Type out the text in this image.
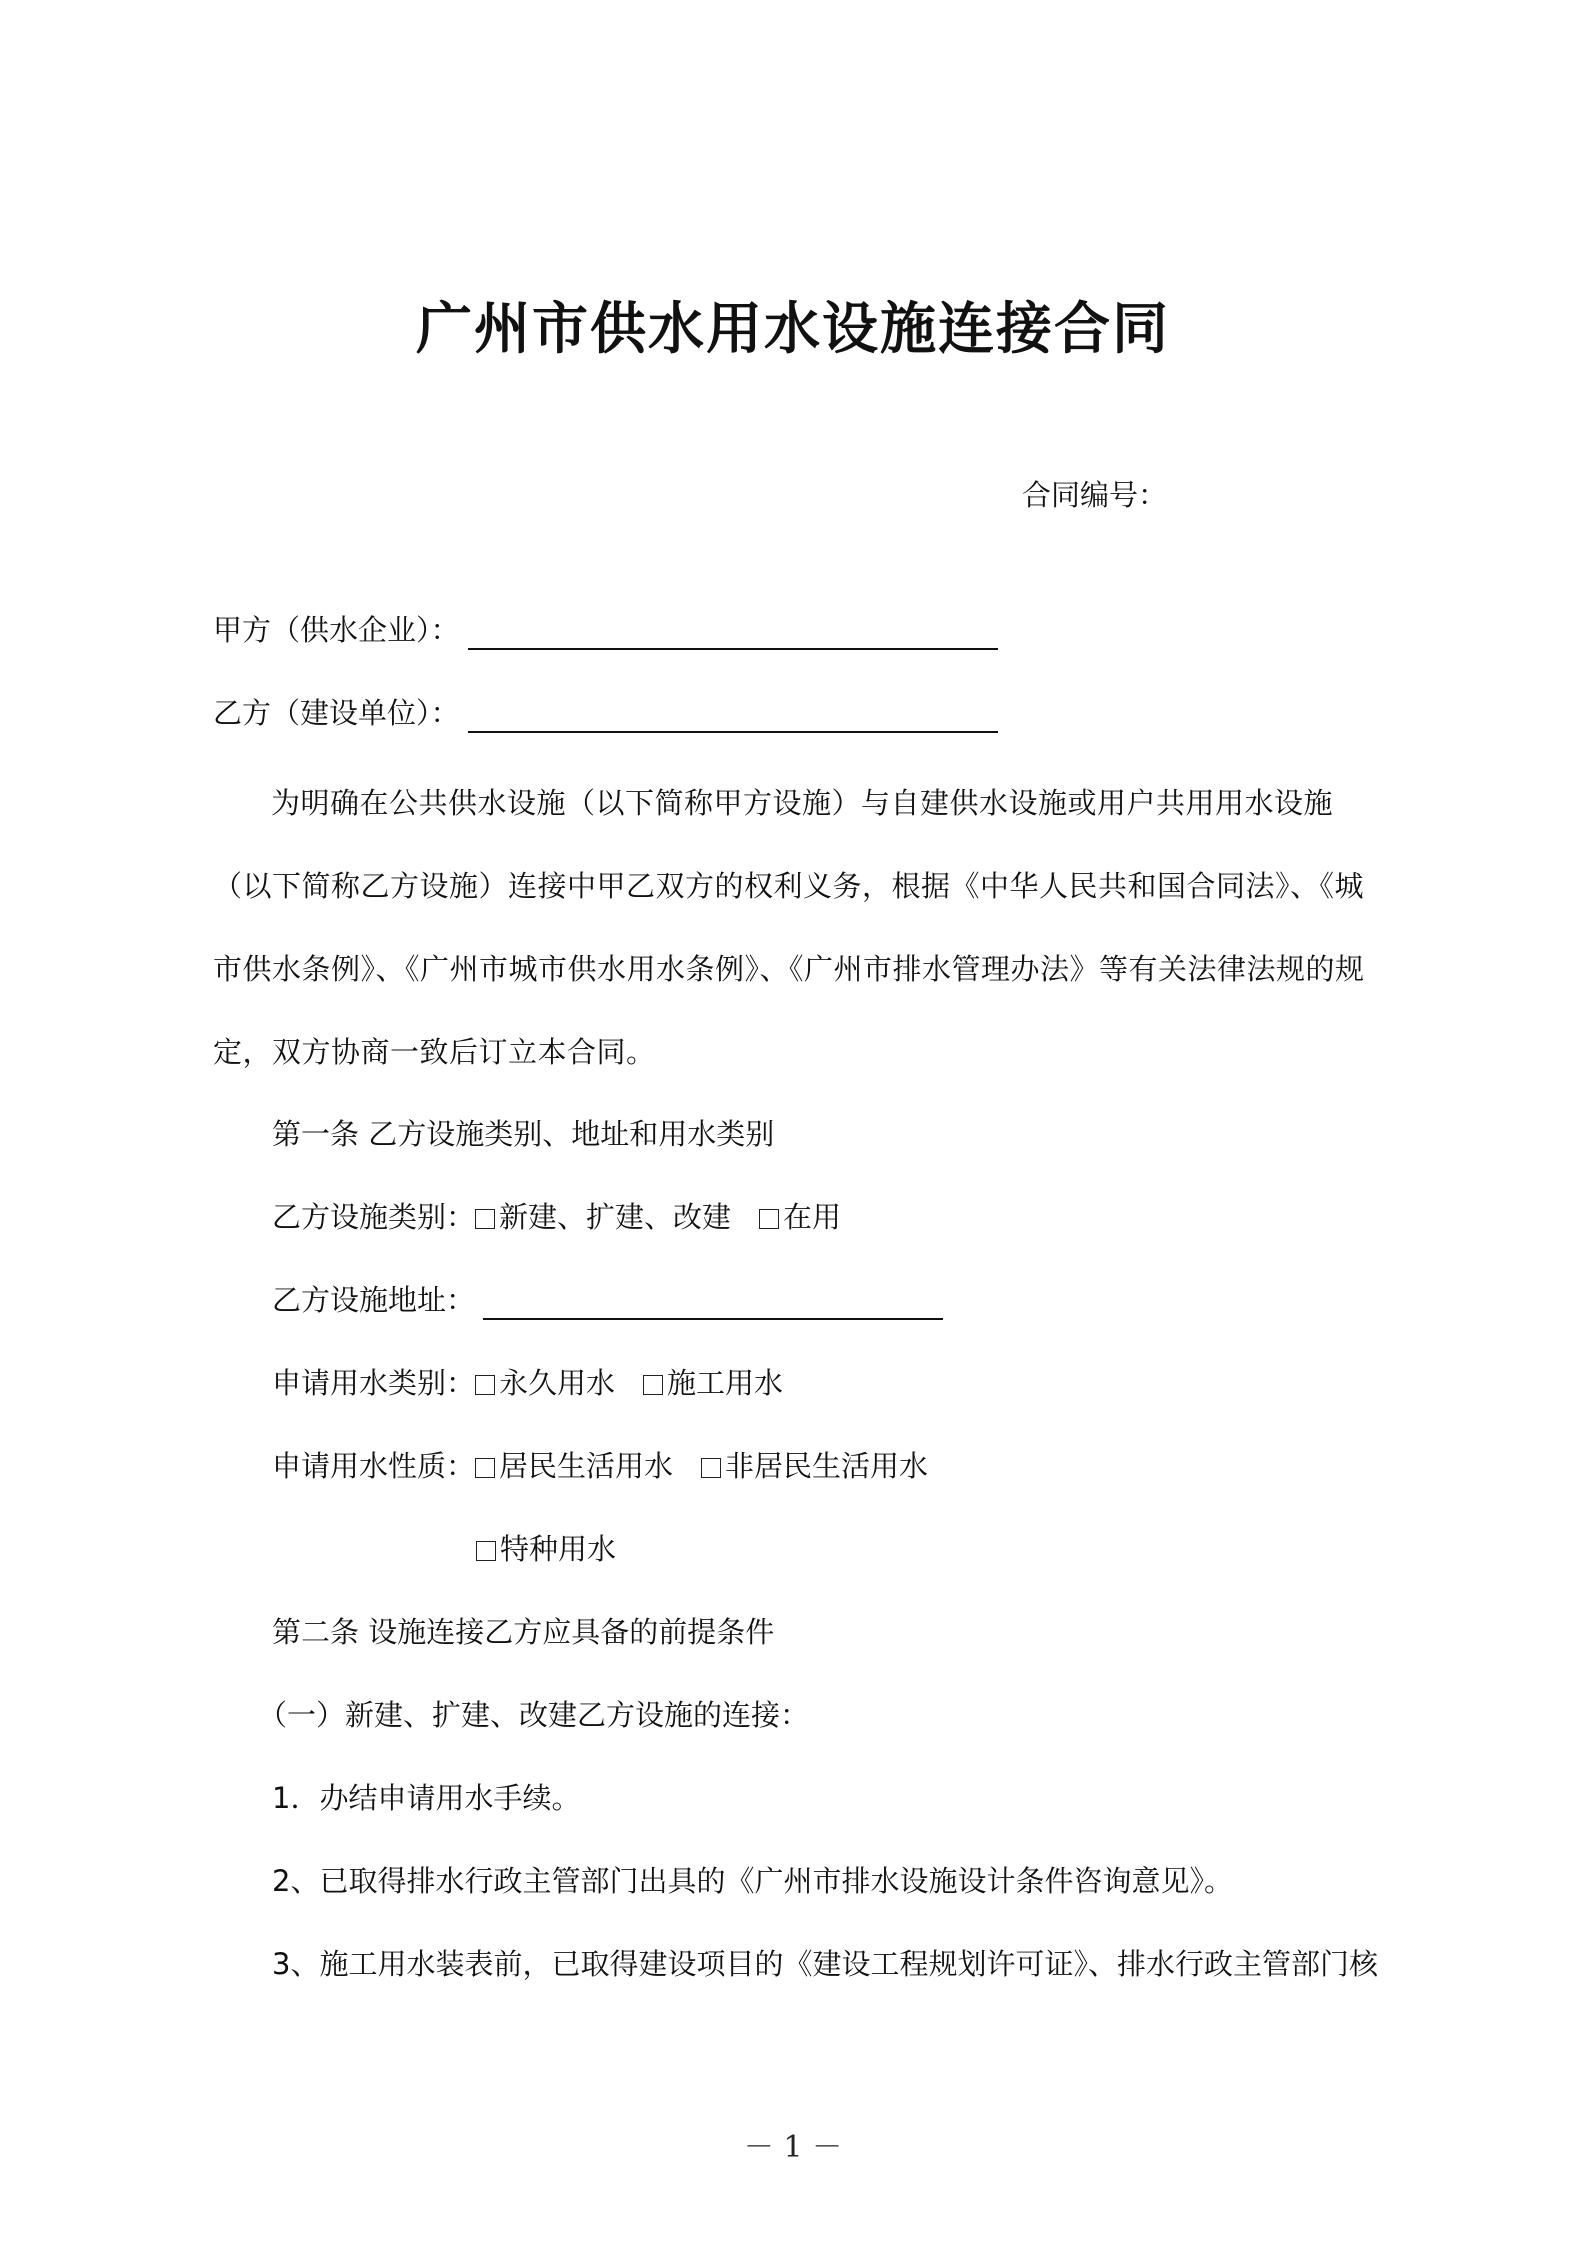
广州市供水用水设施连接合同
合同编号：
甲方（供水企业）：
乙方（建设单位）：
为明确在公共供水设施（以下简称甲方设施）与自建供水设施或用户共用用水设施（以下简称乙方设施）连接中甲乙双方的权利义务，根据《中华人民共和国合同法》、《城市供水条例》、《广州市城市供水用水条例》、《广州市排水管理办法》等有关法律法规的规定，双方协商一致后订立本合同。
第一条 乙方设施类别、地址和用水类别
乙方设施类别： 新建、扩建、改建 在用
乙方设施地址：
申请用水类别： 永久用水 施工用水
申请用水性质： 居民生活用水 非居民生活用水
特种用水
第二条 设施连接乙方应具备的前提条件
（一）新建、扩建、改建乙方设施的连接：
1．办结申请用水手续。
2、已取得排水行政主管部门出具的《广州市排水设施设计条件咨询意见》。
3、施工用水装表前，已取得建设项目的《建设工程规划许可证》、排水行政主管部门核
－ 1 －
